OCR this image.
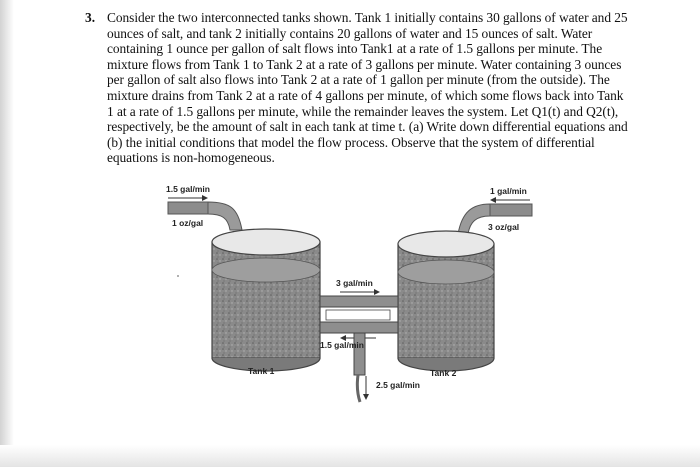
3. Consider the two interconnected tanks shown. Tank 1 initially contains 30 gallons of water and 25 ounces of salt, and tank 2 initially contains 20 gallons of water and 15 ounces of salt. Water containing 1 ounce per gallon of salt flows into Tank1 at a rate of 1.5 gallons per minute. The mixture flows from Tank 1 to Tank 2 at a rate of 3 gallons per minute. Water containing 3 ounces per gallon of salt also flows into Tank 2 at a rate of 1 gallon per minute (from the outside). The mixture drains from Tank 2 at a rate of 4 gallons per minute, of which some flows back into Tank 1 at a rate of 1.5 gallons per minute, while the remainder leaves the system. Let Q1(t) and Q2(t), respectively, be the amount of salt in each tank at time t. (a) Write down differential equations and (b) the initial conditions that model the flow process. Observe that the system of differential equations is non-homogeneous.

1.5 gal/min
1 oz/gal
1 gal/min
3 oz/gal
3 gal/min
1.5 gal/min
2.5 gal/min
Tank 1	Tank 2
